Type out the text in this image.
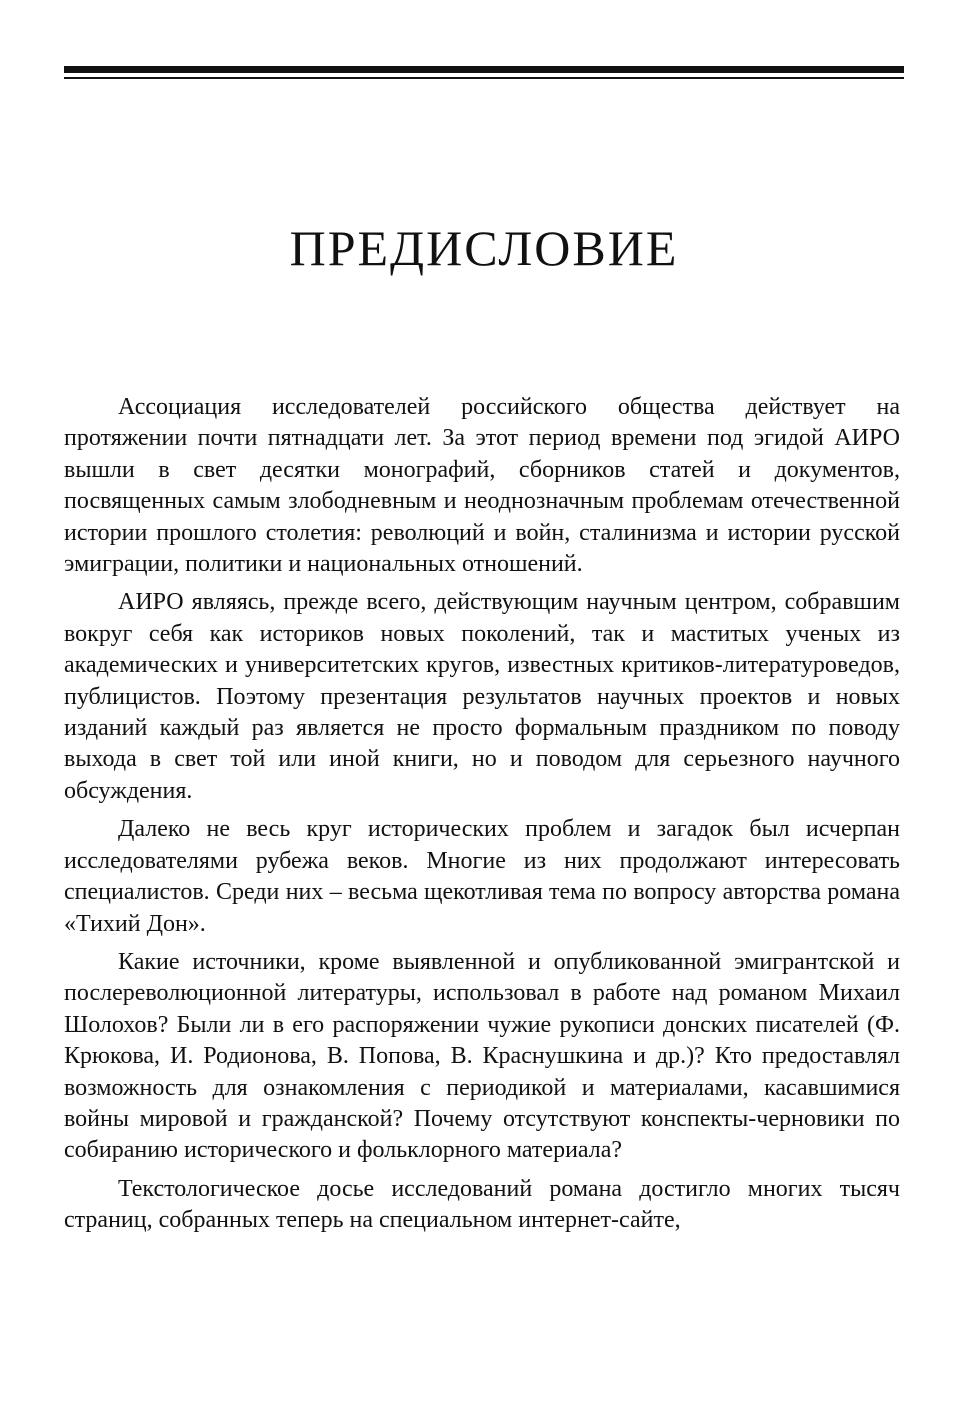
ПРЕДИСЛОВИЕ

Ассоциация исследователей российского общества действует на протяжении почти пятнадцати лет. За этот период времени под эгидой АИРО вышли в свет десятки монографий, сборников статей и документов, посвященных самым злободневным и неоднозначным проблемам отечественной истории прошлого столетия: революций и войн, сталинизма и истории русской эмиграции, политики и национальных отношений.

АИРО являясь, прежде всего, действующим научным центром, собравшим вокруг себя как историков новых поколений, так и маститых ученых из академических и университетских кругов, известных критиков-литературоведов, публицистов. Поэтому презентация результатов научных проектов и новых изданий каждый раз является не просто формальным праздником по поводу выхода в свет той или иной книги, но и поводом для серьезного научного обсуждения.

Далеко не весь круг исторических проблем и загадок был исчерпан исследователями рубежа веков. Многие из них продолжают интересовать специалистов. Среди них – весьма щекотливая тема по вопросу авторства романа «Тихий Дон».

Какие источники, кроме выявленной и опубликованной эмигрантской и послереволюционной литературы, использовал в работе над романом Михаил Шолохов? Были ли в его распоряжении чужие рукописи донских писателей (Ф. Крюкова, И. Родионова, В. Попова, В. Краснушкина и др.)? Кто предоставлял возможность для ознакомления с периодикой и материалами, касавшимися войны мировой и гражданской? Почему отсутствуют конспекты-черновики по собиранию исторического и фольклорного материала?

Текстологическое досье исследований романа достигло многих тысяч страниц, собранных теперь на специальном интернет-сайте,
